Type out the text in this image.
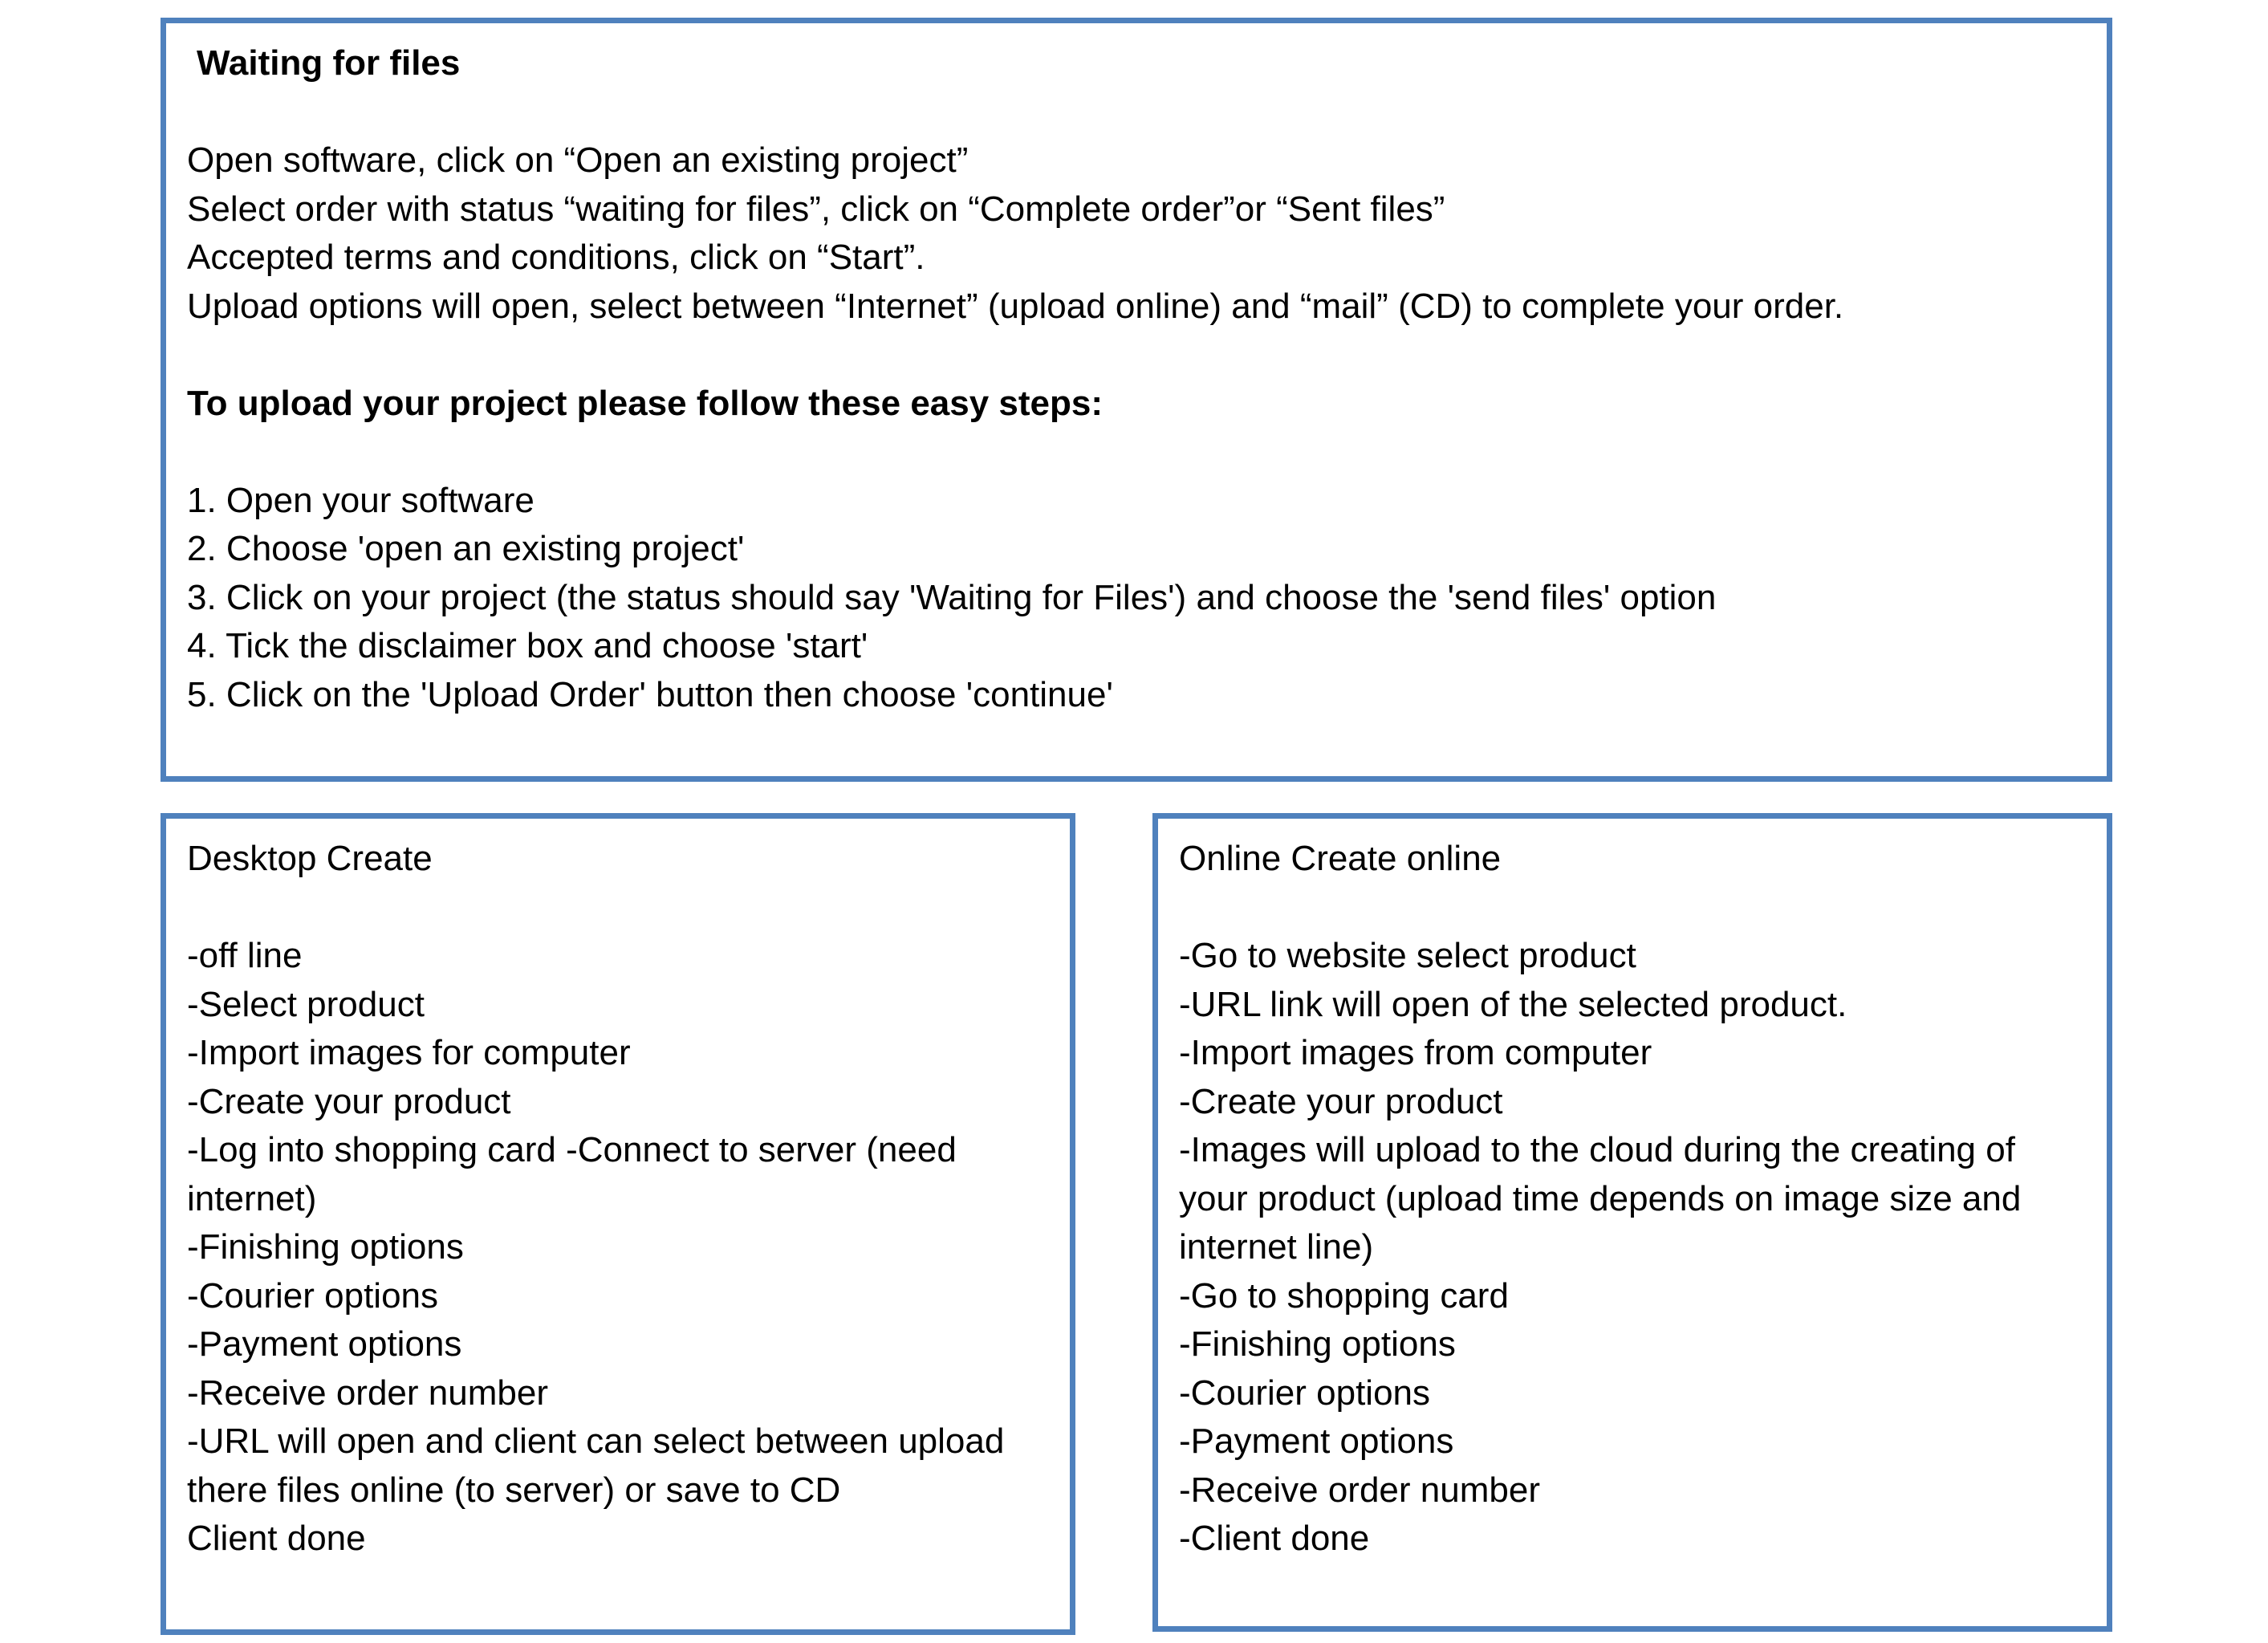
Waiting for files
Open software, click on “Open an existing project”
Select order with status “waiting for files”, click on “Complete order”or “Sent files”
Accepted terms and conditions, click on “Start”.
Upload options will open, select between “Internet” (upload online) and “mail” (CD) to complete your order.
To upload your project please follow these easy steps:
1. Open your software
2. Choose 'open an existing project'
3. Click on your project (the status should say 'Waiting for Files') and choose the 'send files' option
4. Tick the disclaimer box and choose 'start'
5. Click on the 'Upload Order' button then choose 'continue'
Desktop Create
-off line
-Select product
-Import images for computer
-Create your product
-Log into shopping card -Connect to server (need
internet)
-Finishing options
-Courier options
-Payment options
-Receive order number
-URL will open and client can select between upload
there files online (to server) or save to CD
Client done
Online Create online
-Go to website select product
-URL link will open of the selected product.
-Import images from computer
-Create your product
-Images will upload to the cloud during the creating of
your product (upload time depends on image size and
internet line)
-Go to shopping card
-Finishing options
-Courier options
-Payment options
-Receive order number
-Client done
